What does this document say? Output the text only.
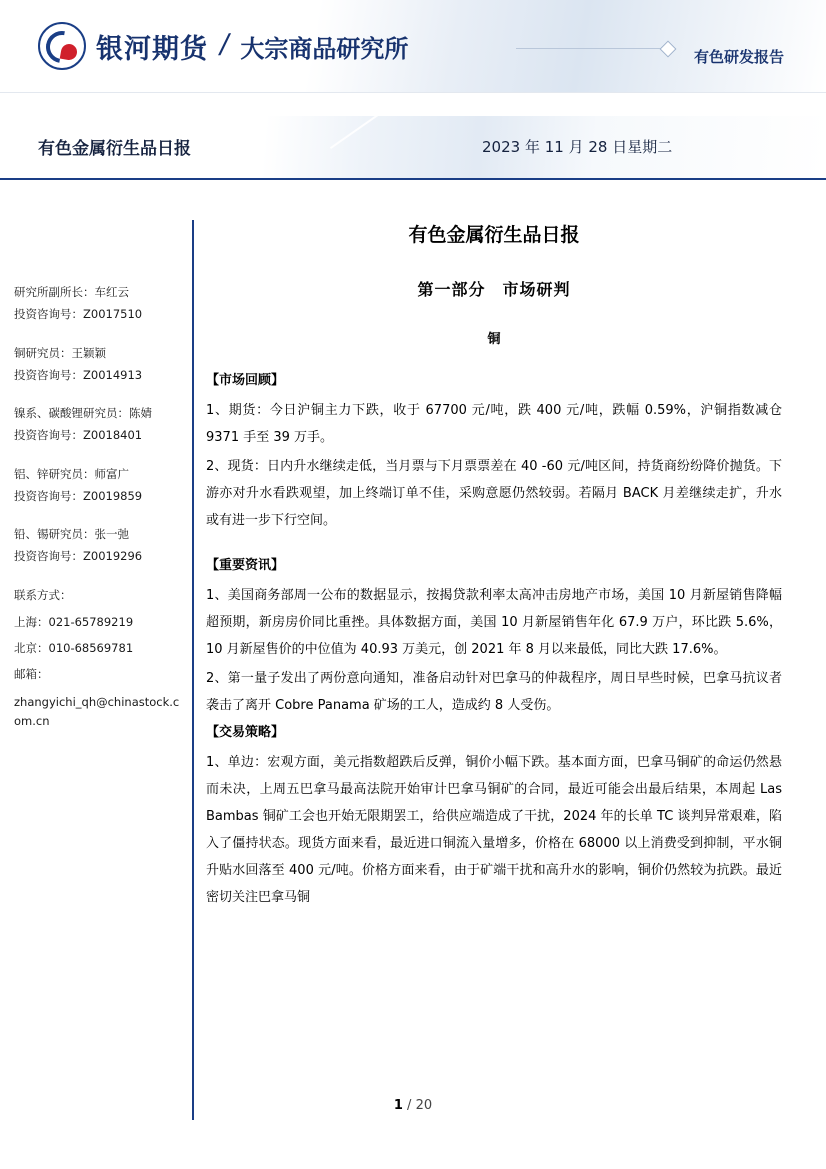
银河期货 / 大宗商品研究所	有色研发报告
有色金属衍生品日报	2023 年 11 月 28 日星期二
研究所副所长：车红云
投资咨询号：Z0017510
铜研究员：王颖颖
投资咨询号：Z0014913
镍系、碳酸锂研究员：陈婧
投资咨询号：Z0018401
铝、锌研究员：师富广
投资咨询号：Z0019859
铅、锡研究员：张一弛
投资咨询号：Z0019296
联系方式：
上海：021-65789219
北京：010-68569781
邮箱：
zhangyichi_qh@chinastock.com.cn
有色金属衍生品日报
第一部分　市场研判
铜
【市场回顾】

1、期货：今日沪铜主力下跌，收于 67700 元/吨，跌 400 元/吨，跌幅 0.59%，沪铜指数减仓 9371 手至 39 万手。

2、现货：日内升水继续走低，当月票与下月票票差在 40 -60 元/吨区间，持货商纷纷降价抛货。下游亦对升水看跌观望，加上终端订单不佳，采购意愿仍然较弱。若隔月 BACK 月差继续走扩，升水或有进一步下行空间。

【重要资讯】

1、美国商务部周一公布的数据显示，按揭贷款利率太高冲击房地产市场，美国 10 月新屋销售降幅超预期，新房房价同比重挫。具体数据方面，美国 10 月新屋销售年化 67.9 万户，环比跌 5.6%，10 月新屋售价的中位值为 40.93 万美元，创 2021 年 8 月以来最低，同比大跌 17.6%。

2、第一量子发出了两份意向通知，准备启动针对巴拿马的仲裁程序，周日早些时候，巴拿马抗议者袭击了离开 Cobre Panama 矿场的工人，造成约 8 人受伤。

【交易策略】

1、单边：宏观方面，美元指数超跌后反弹，铜价小幅下跌。基本面方面，巴拿马铜矿的命运仍然悬而未决，上周五巴拿马最高法院开始审计巴拿马铜矿的合同，最近可能会出最后结果，本周起 Las Bambas 铜矿工会也开始无限期罢工，给供应端造成了干扰，2024 年的长单 TC 谈判异常艰难，陷入了僵持状态。现货方面来看，最近进口铜流入量增多，价格在 68000 以上消费受到抑制，平水铜升贴水回落至 400 元/吨。价格方面来看，由于矿端干扰和高升水的影响，铜价仍然较为抗跌。最近密切关注巴拿马铜

1 / 20
